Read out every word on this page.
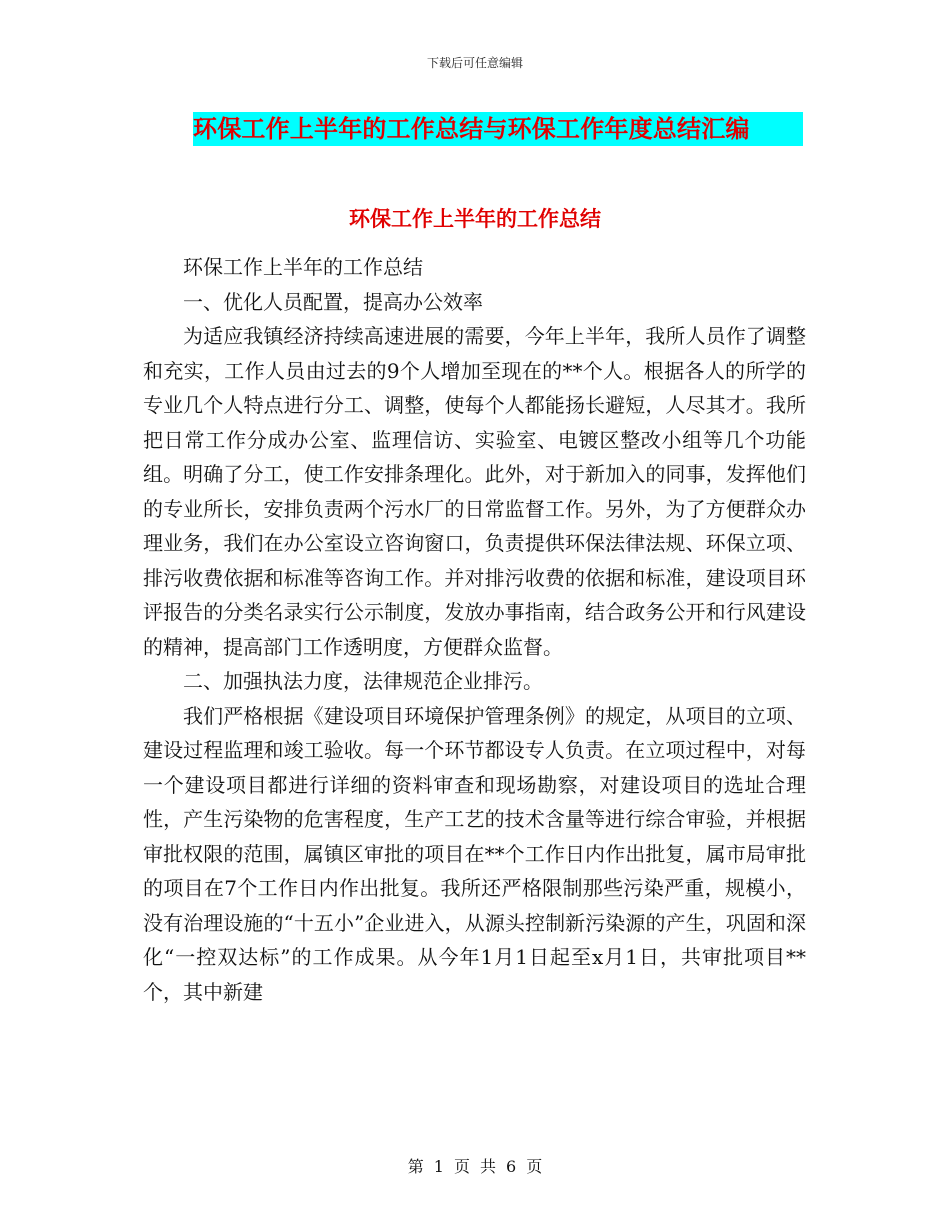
下载后可任意编辑
环保工作上半年的工作总结与环保工作年度总结汇编
环保工作上半年的工作总结

环保工作上半年的工作总结

一、优化人员配置，提高办公效率

为适应我镇经济持续高速进展的需要，今年上半年，我所人员作了调整和充实，工作人员由过去的9个人增加至现在的**个人。根据各人的所学的专业几个人特点进行分工、调整，使每个人都能扬长避短，人尽其才。我所把日常工作分成办公室、监理信访、实验室、电镀区整改小组等几个功能组。明确了分工，使工作安排条理化。此外，对于新加入的同事，发挥他们的专业所长，安排负责两个污水厂的日常监督工作。另外，为了方便群众办理业务，我们在办公室设立咨询窗口，负责提供环保法律法规、环保立项、排污收费依据和标准等咨询工作。并对排污收费的依据和标准，建设项目环评报告的分类名录实行公示制度，发放办事指南，结合政务公开和行风建设的精神，提高部门工作透明度，方便群众监督。

二、加强执法力度，法律规范企业排污。

我们严格根据《建设项目环境保护管理条例》的规定，从项目的立项、建设过程监理和竣工验收。每一个环节都设专人负责。在立项过程中，对每一个建设项目都进行详细的资料审查和现场勘察，对建设项目的选址合理性，产生污染物的危害程度，生产工艺的技术含量等进行综合审验，并根据审批权限的范围，属镇区审批的项目在**个工作日内作出批复，属市局审批的项目在7个工作日内作出批复。我所还严格限制那些污染严重，规模小，没有治理设施的“十五小”企业进入，从源头控制新污染源的产生，巩固和深化“一控双达标”的工作成果。从今年1月1日起至x月1日，共审批项目**个，其中新建

第 1 页 共 6 页
